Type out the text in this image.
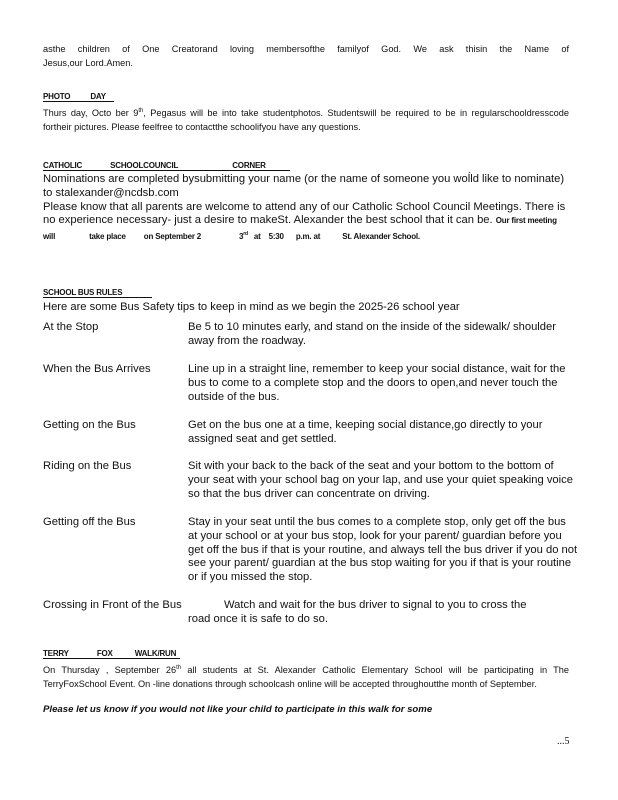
asthe children of One Creatorand loving membersofthe familyof God. We ask thisin the Name of
Jesus,our Lord.Amen.
PHOTO	DAY
Thurs day, Octo ber 9th, Pegasus will be into take studentphotos. Studentswill be required to be in regularschooldresscode fortheir pictures. Please feelfree to contactthe schoolifyou have any questions.
CATHOLIC	SCHOOLCOUNCIL	CORNER
Nominations are completed bysubmitting your name (or the name of someone you woĺld like to nominate) to stalexander@ncdsb.com
Please know that all parents are welcome to attend any of our Catholic School Council Meetings. There is no experience necessary- just a desire to makeSt. Alexander the best school that it can be. Our first meeting will	take place on September 2	3rd at 5:30 p.m. at	St. Alexander School.
SCHOOL BUS RULES
Here are some Bus Safety tips to keep in mind as we begin the 2025-26 school year
At the Stop	Be 5 to 10 minutes early, and stand on the inside of the sidewalk/ shoulder away from the roadway.
When the Bus Arrives	Line up in a straight line, remember to keep your social distance, wait for the bus to come to a complete stop and the doors to open,and never touch the outside of the bus.
Getting on the Bus	Get on the bus one at a time, keeping social distance,go directly to your assigned seat and get settled.
Riding on the Bus	Sit with your back to the back of the seat and your bottom to the bottom of your seat with your school bag on your lap, and use your quiet speaking voice so that the bus driver can concentrate on driving.
Getting off the Bus	Stay in your seat until the bus comes to a complete stop, only get off the bus at your school or at your bus stop, look for your parent/ guardian before you get off the bus if that is your routine, and always tell the bus driver if you do not see your parent/ guardian at the bus stop waiting for you if that is your routine or if you missed the stop.
Crossing in Front of the Bus	Watch and wait for the bus driver to signal to you to cross the
road once it is safe to do so.
TERRY	FOX	WALK/RUN
On Thursday , September 26th all students at St. Alexander Catholic Elementary School will be participating in The TerryFoxSchool Event. On -line donations through schoolcash online will be accepted throughoutthe month of September.
Please let us know if you would not like your child to participate in this walk for some
...5
